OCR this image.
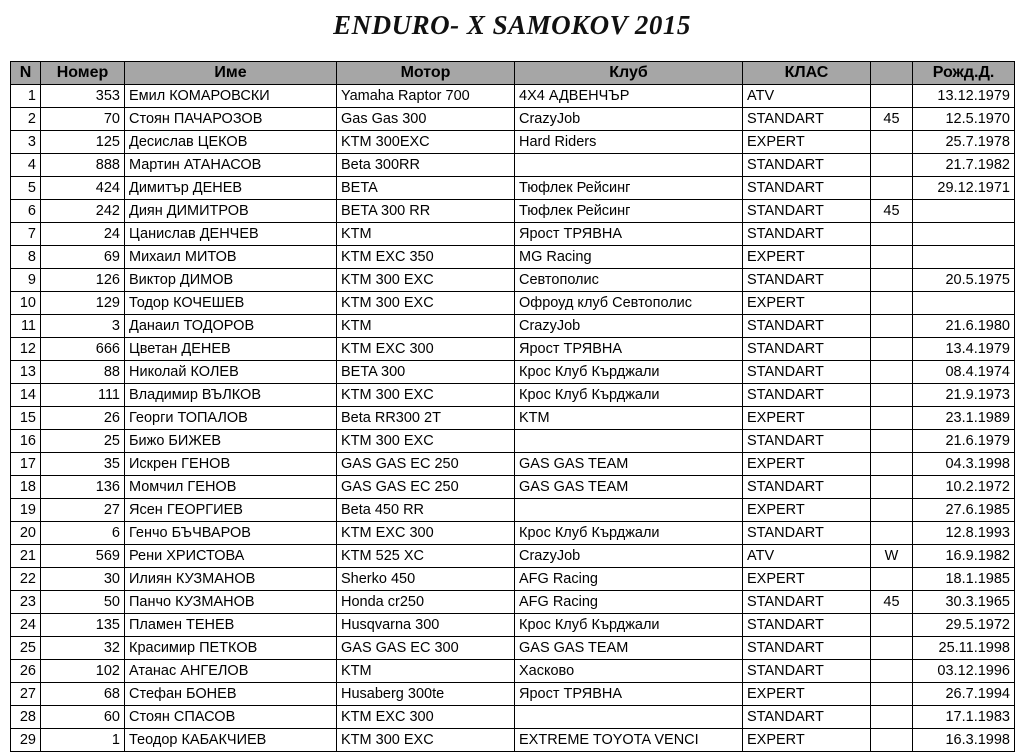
ENDURO- X SAMOKOV 2015
N	Номер	Име	Мотор	Клуб	КЛАС		Рожд.Д.
1	353	Емил КОМАРОВСКИ	Yamaha Raptor 700	4Х4 АДВЕНЧЪР	ATV		13.12.1979
2	70	Стоян ПАЧАРОЗОВ	Gas Gas 300	CrazyJob	STANDART	45	12.5.1970
3	125	Десислав ЦЕКОВ	KTM 300EXC	Hard Riders	EXPERT		25.7.1978
4	888	Мартин АТАНАСОВ	Beta 300RR		STANDART		21.7.1982
5	424	Димитър ДЕНЕВ	BETA	Тюфлек Рейсинг	STANDART		29.12.1971
6	242	Диян ДИМИТРОВ	BETA 300 RR	Тюфлек Рейсинг	STANDART	45	
7	24	Цанислав ДЕНЧЕВ	KTM	Ярост ТРЯВНА	STANDART		
8	69	Михаил МИТОВ	KTM EXC 350	MG Racing	EXPERT		
9	126	Виктор ДИМОВ	KTM 300 EXC	Севтополис	STANDART		20.5.1975
10	129	Тодор КОЧЕШЕВ	KTM 300 EXC	Офроуд клуб Севтополис	EXPERT		
11	3	Данаил ТОДОРОВ	KTM	CrazyJob	STANDART		21.6.1980
12	666	Цветан ДЕНЕВ	KTM EXC 300	Ярост ТРЯВНА	STANDART		13.4.1979
13	88	Николай КОЛЕВ	BETA 300	Крос Клуб Кърджали	STANDART		08.4.1974
14	111	Владимир ВЪЛКОВ	KTM 300 EXC	Крос Клуб Кърджали	STANDART		21.9.1973
15	26	Георги ТОПАЛОВ	Beta RR300 2T	KTM	EXPERT		23.1.1989
16	25	Бижо БИЖЕВ	KTM 300 EXC		STANDART		21.6.1979
17	35	Искрен ГЕНОВ	GAS GAS EC 250	GAS GAS TEAM	EXPERT		04.3.1998
18	136	Момчил ГЕНОВ	GAS GAS EC 250	GAS GAS TEAM	STANDART		10.2.1972
19	27	Ясен ГЕОРГИЕВ	Beta 450 RR		EXPERT		27.6.1985
20	6	Генчо БЪЧВАРОВ	KTM EXC 300	Крос Клуб Кърджали	STANDART		12.8.1993
21	569	Рени ХРИСТОВА	KTM 525 XC	CrazyJob	ATV	W	16.9.1982
22	30	Илиян КУЗМАНОВ	Sherko 450	AFG Racing	EXPERT		18.1.1985
23	50	Панчо КУЗМАНОВ	Honda cr250	AFG Racing	STANDART	45	30.3.1965
24	135	Пламен ТЕНЕВ	Husqvarna 300	Крос Клуб Кърджали	STANDART		29.5.1972
25	32	Красимир ПЕТКОВ	GAS GAS EC 300	GAS GAS TEAM	STANDART		25.11.1998
26	102	Атанас АНГЕЛОВ	KTM	Хасково	STANDART		03.12.1996
27	68	Стефан БОНЕВ	Husaberg 300te	Ярост ТРЯВНА	EXPERT		26.7.1994
28	60	Стоян СПАСОВ	KTM EXC 300		STANDART		17.1.1983
29	1	Теодор КАБАКЧИЕВ	KTM 300 EXC	EXTREME TOYOTA VENCI	EXPERT		16.3.1998
